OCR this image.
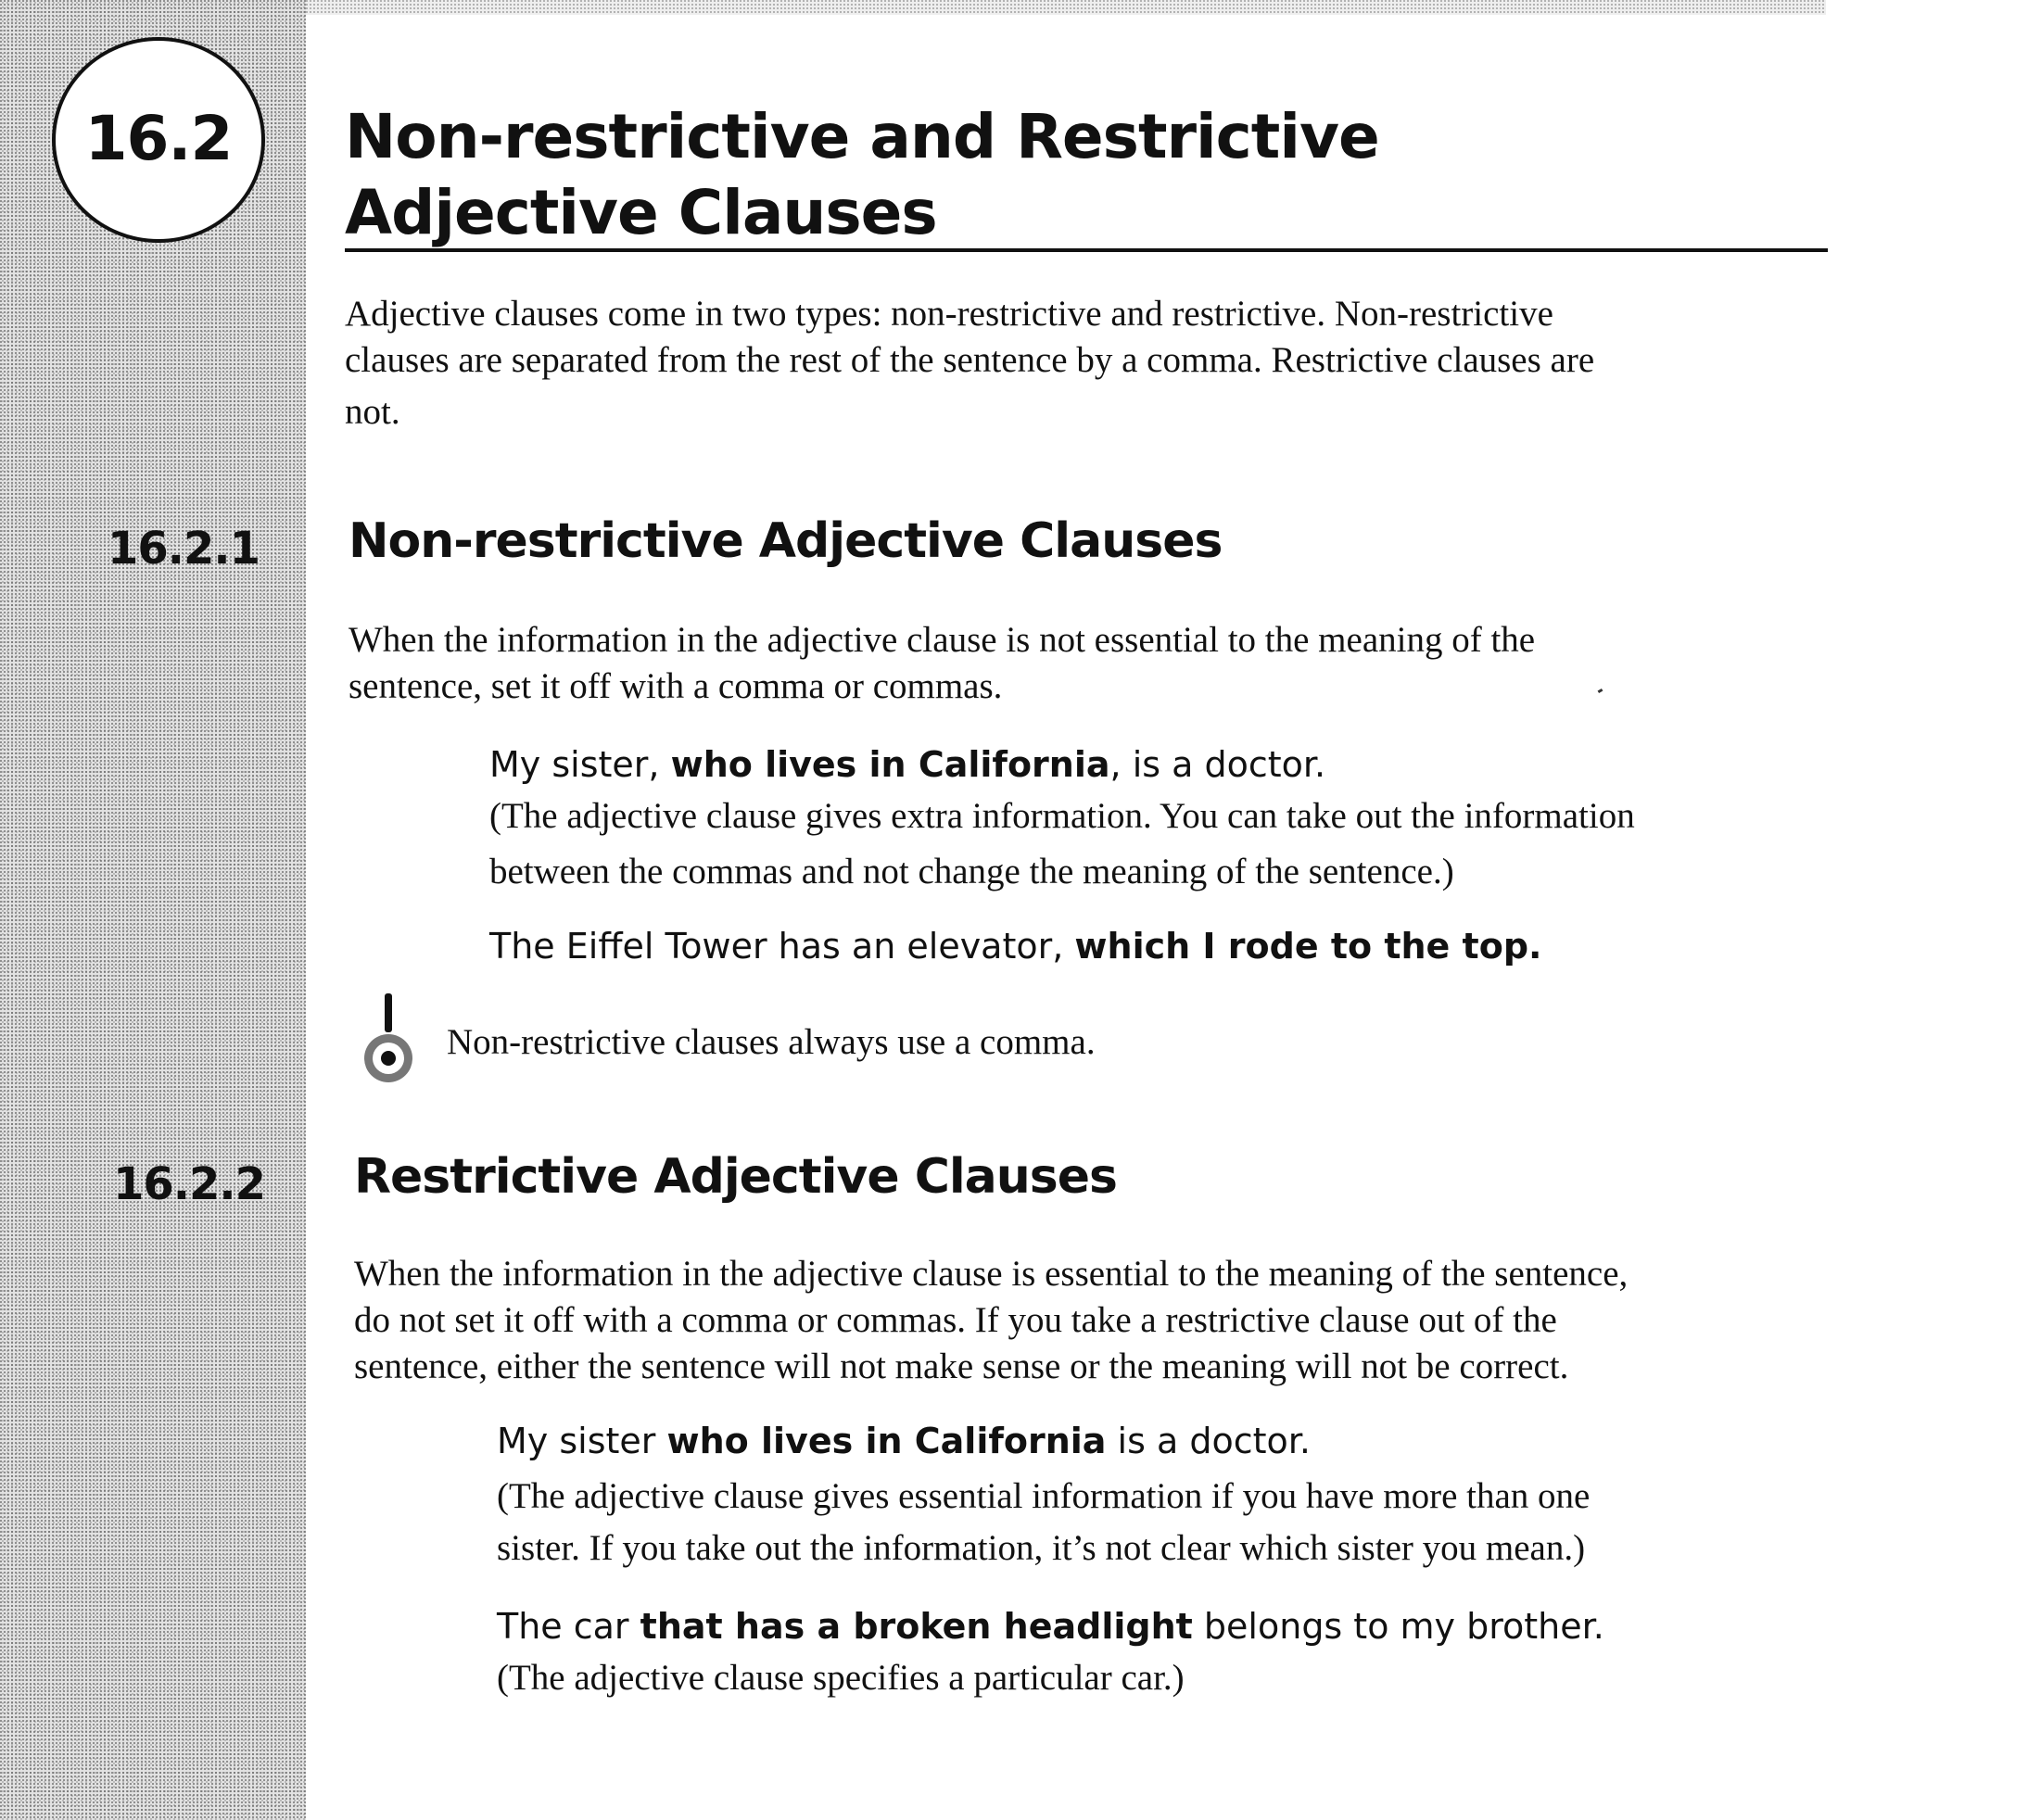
16.2	Non-restrictive and Restrictive
Adjective Clauses
Adjective clauses come in two types: non-restrictive and restrictive. Non-restrictive
clauses are separated from the rest of the sentence by a comma. Restrictive clauses are
not.
16.2.1 Non-restrictive Adjective Clauses
When the information in the adjective clause is not essential to the meaning of the
sentence, set it off with a comma or commas.
My sister, who lives in California, is a doctor.
(The adjective clause gives extra information. You can take out the information
between the commas and not change the meaning of the sentence.)
The Eiffel Tower has an elevator, which I rode to the top.
Non-restrictive clauses always use a comma.
16.2.2 Restrictive Adjective Clauses
When the information in the adjective clause is essential to the meaning of the sentence,
do not set it off with a comma or commas. If you take a restrictive clause out of the
sentence, either the sentence will not make sense or the meaning will not be correct.
My sister who lives in California is a doctor.
(The adjective clause gives essential information if you have more than one
sister. If you take out the information, it’s not clear which sister you mean.)
The car that has a broken headlight belongs to my brother.
(The adjective clause specifies a particular car.)
